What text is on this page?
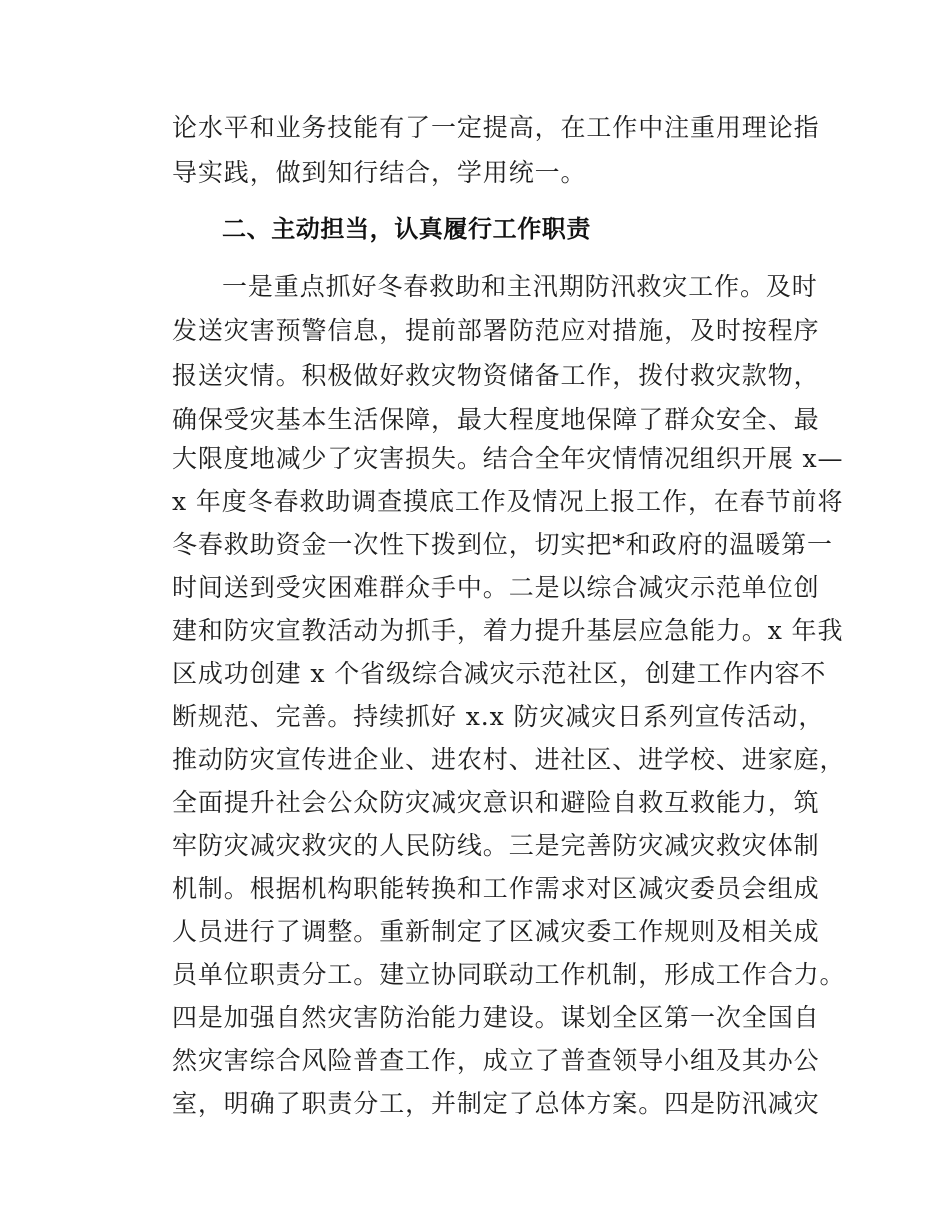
论水平和业务技能有了一定提高，在工作中注重用理论指
导实践，做到知行结合，学用统一。
二、主动担当，认真履行工作职责
一是重点抓好冬春救助和主汛期防汛救灾工作。及时
发送灾害预警信息，提前部署防范应对措施，及时按程序
报送灾情。积极做好救灾物资储备工作，拨付救灾款物，
确保受灾基本生活保障，最大程度地保障了群众安全、最
大限度地减少了灾害损失。结合全年灾情情况组织开展 x—
x 年度冬春救助调查摸底工作及情况上报工作，在春节前将
冬春救助资金一次性下拨到位，切实把*和政府的温暖第一
时间送到受灾困难群众手中。二是以综合减灾示范单位创
建和防灾宣教活动为抓手，着力提升基层应急能力。x 年我
区成功创建 x 个省级综合减灾示范社区，创建工作内容不
断规范、完善。持续抓好 x.x 防灾减灾日系列宣传活动，
推动防灾宣传进企业、进农村、进社区、进学校、进家庭，
全面提升社会公众防灾减灾意识和避险自救互救能力，筑
牢防灾减灾救灾的人民防线。三是完善防灾减灾救灾体制
机制。根据机构职能转换和工作需求对区减灾委员会组成
人员进行了调整。重新制定了区减灾委工作规则及相关成
员单位职责分工。建立协同联动工作机制，形成工作合力。
四是加强自然灾害防治能力建设。谋划全区第一次全国自
然灾害综合风险普查工作，成立了普查领导小组及其办公
室，明确了职责分工，并制定了总体方案。四是防汛减灾
